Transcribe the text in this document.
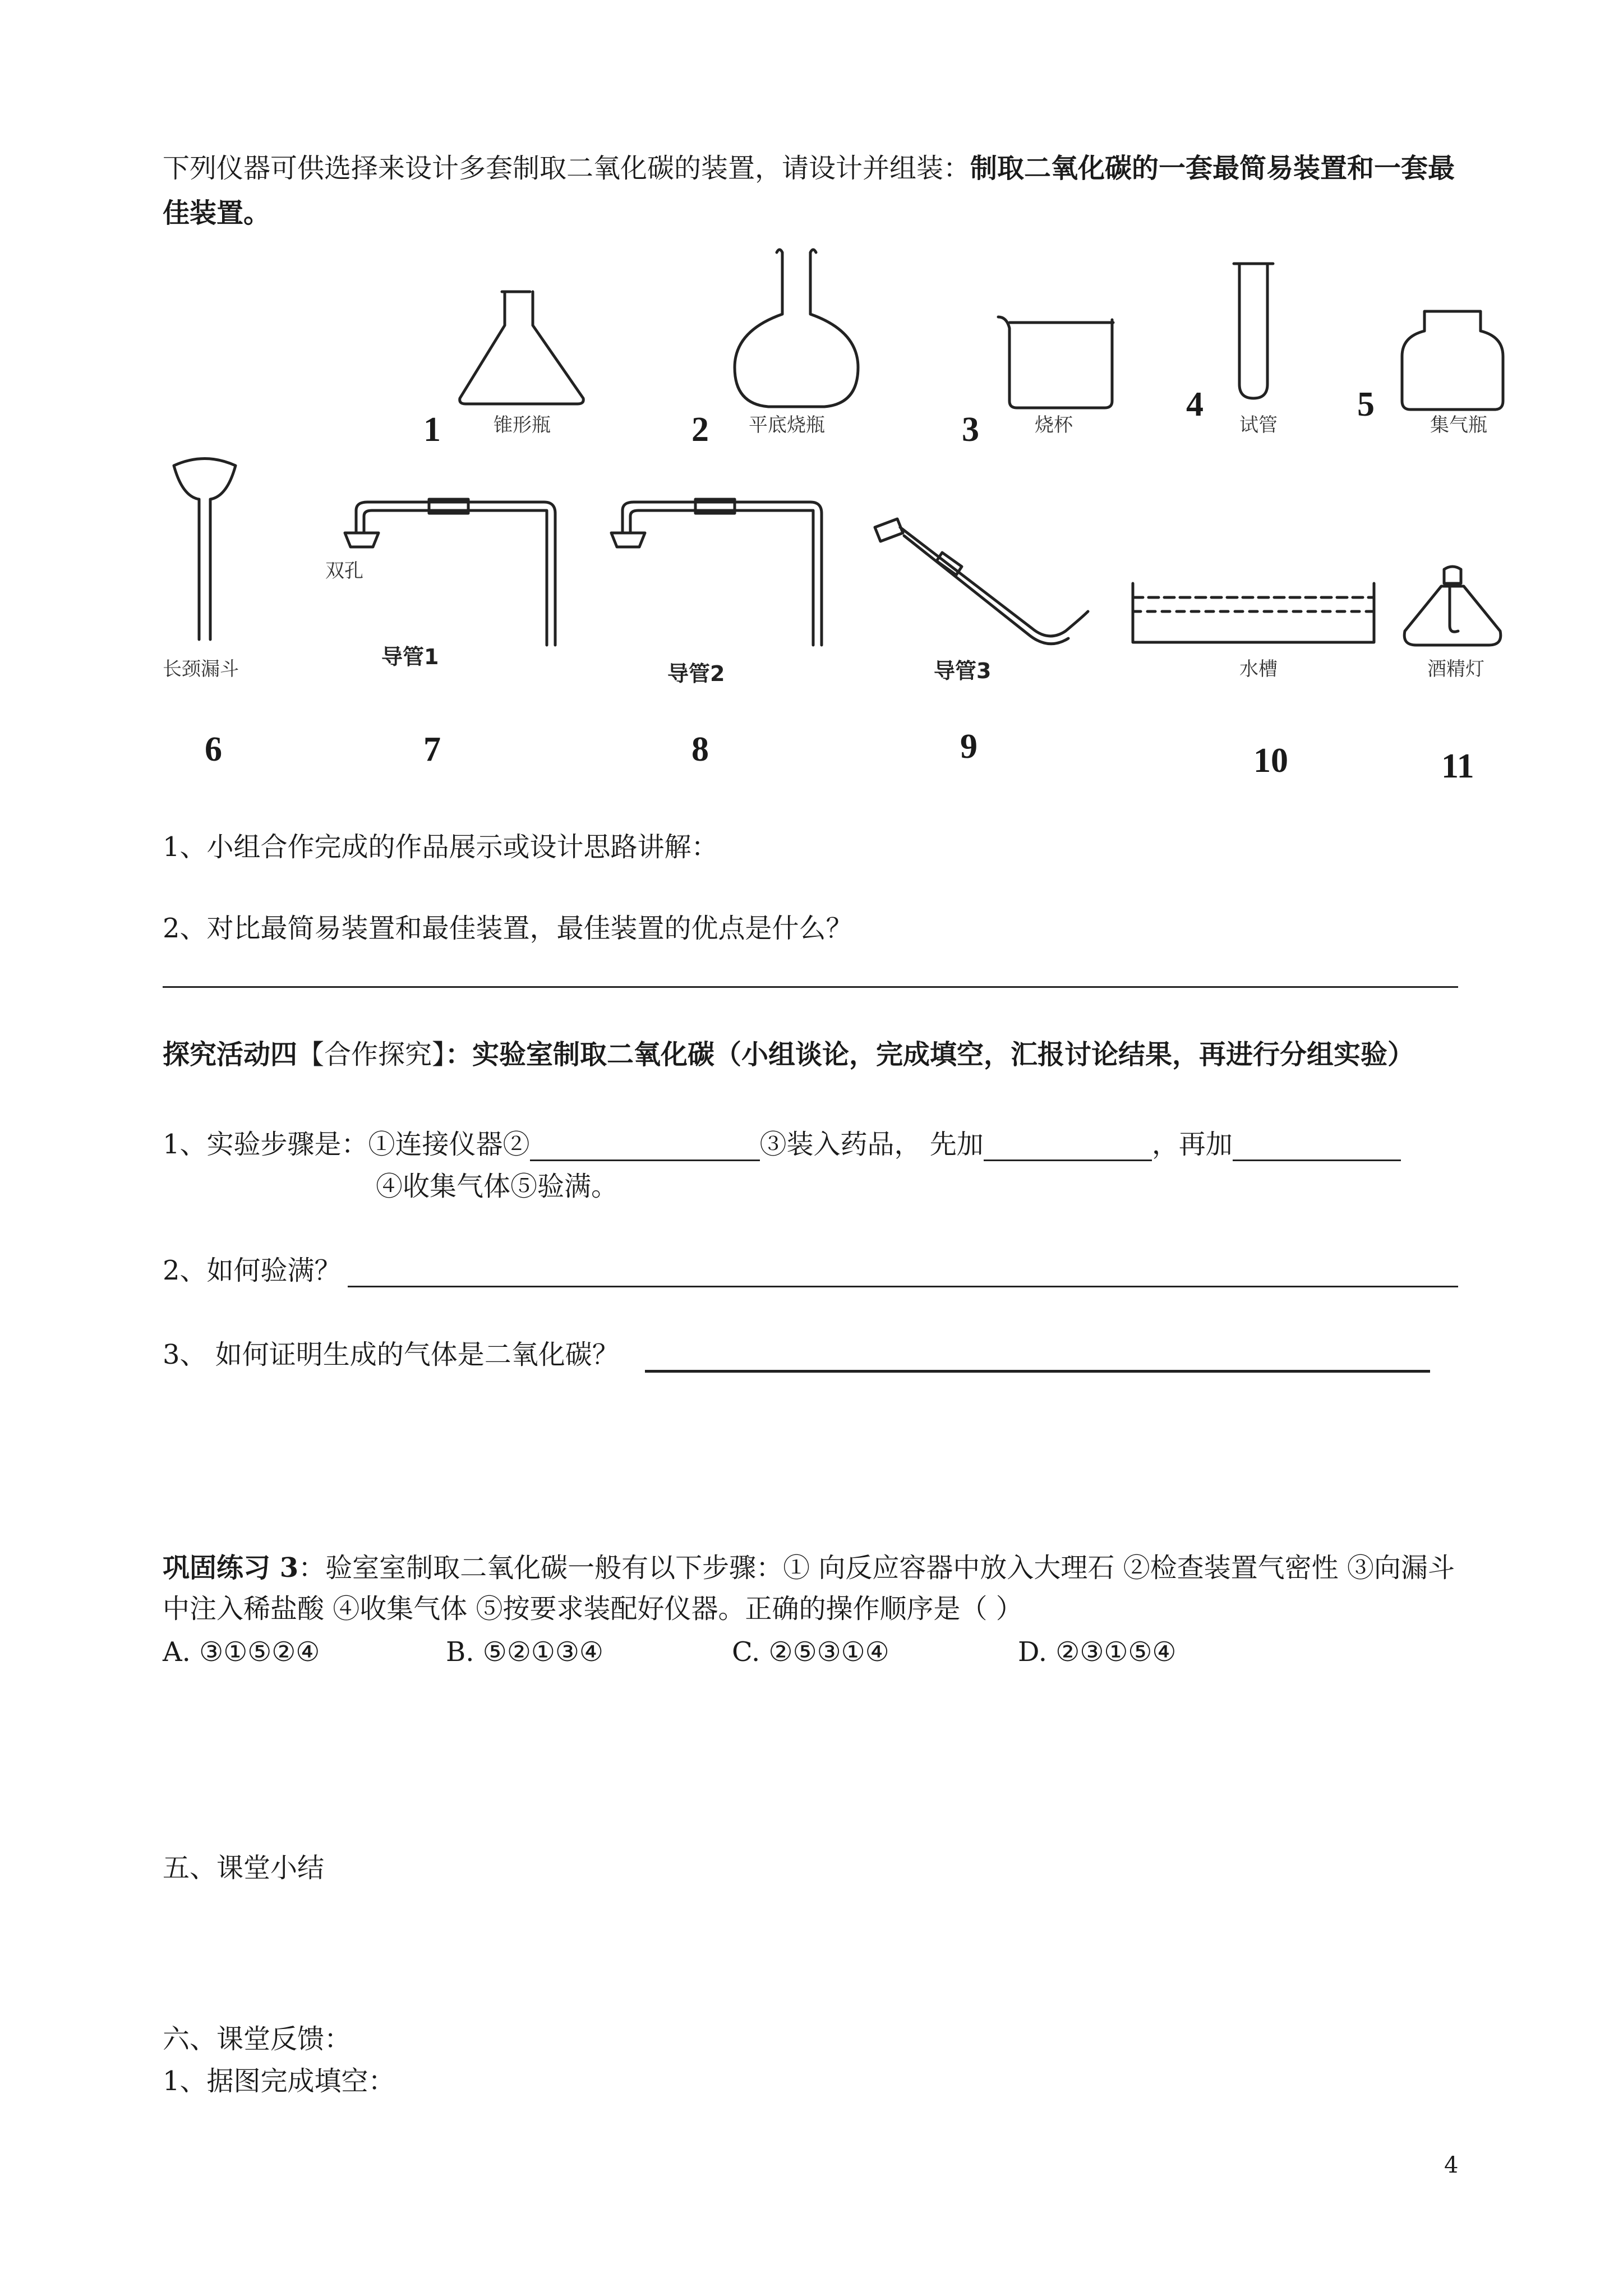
下列仪器可供选择来设计多套制取二氧化碳的装置，请设计并组装：制取二氧化碳的一套最简易装置和一套最
佳装置。
1	锥形瓶	2 平底烧瓶	3	烧杯
4
试管
5
集气瓶
长颈漏斗
6
双孔
导管1
7
导管2
8
导管3
9
水槽
10
酒精灯
11
1、小组合作完成的作品展示或设计思路讲解：
2、对比最简易装置和最佳装置，最佳装置的优点是什么？
探究活动四【合作探究】：实验室制取二氧化碳（小组谈论，完成填空，汇报讨论结果，再进行分组实验）
1、实验步骤是：①连接仪器②	③装入药品， 先加	，再加
④收集气体⑤验满。
2、如何验满？
3、 如何证明生成的气体是二氧化碳？
巩固练习 3：验室室制取二氧化碳一般有以下步骤：① 向反应容器中放入大理石 ②检查装置气密性 ③向漏斗
中注入稀盐酸 ④收集气体 ⑤按要求装配好仪器。正确的操作顺序是（ ）
A. ③①⑤②④	B. ⑤②①③④	C. ②⑤③①④	D. ②③①⑤④
五、课堂小结
六、课堂反馈：
1、据图完成填空：
4
